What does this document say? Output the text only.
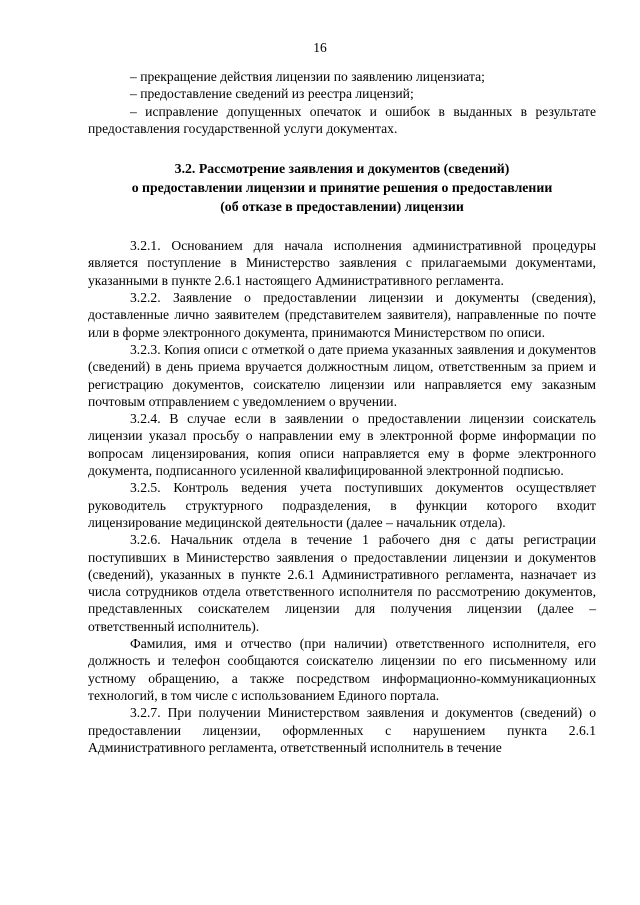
16

– прекращение действия лицензии по заявлению лицензиата;

– предоставление сведений из реестра лицензий;

– исправление допущенных опечаток и ошибок в выданных в результате предоставления государственной услуги документах.

3.2. Рассмотрение заявления и документов (сведений)
о предоставлении лицензии и принятие решения о предоставлении
(об отказе в предоставлении) лицензии

3.2.1. Основанием для начала исполнения административной процедуры является поступление в Министерство заявления с прилагаемыми документами, указанными в пункте 2.6.1 настоящего Административного регламента.

3.2.2. Заявление о предоставлении лицензии и документы (сведения), доставленные лично заявителем (представителем заявителя), направленные по почте или в форме электронного документа, принимаются Министерством по описи.

3.2.3. Копия описи с отметкой о дате приема указанных заявления и документов (сведений) в день приема вручается должностным лицом, ответственным за прием и регистрацию документов, соискателю лицензии или направляется ему заказным почтовым отправлением с уведомлением о вручении.

3.2.4. В случае если в заявлении о предоставлении лицензии соискатель лицензии указал просьбу о направлении ему в электронной форме информации по вопросам лицензирования, копия описи направляется ему в форме электронного документа, подписанного усиленной квалифицированной электронной подписью.

3.2.5. Контроль ведения учета поступивших документов осуществляет руководитель структурного подразделения, в функции которого входит лицензирование медицинской деятельности (далее – начальник отдела).

3.2.6. Начальник отдела в течение 1 рабочего дня с даты регистрации поступивших в Министерство заявления о предоставлении лицензии и документов (сведений), указанных в пункте 2.6.1 Административного регламента, назначает из числа сотрудников отдела ответственного исполнителя по рассмотрению документов, представленных соискателем лицензии для получения лицензии (далее – ответственный исполнитель).

Фамилия, имя и отчество (при наличии) ответственного исполнителя, его должность и телефон сообщаются соискателю лицензии по его письменному или устному обращению, а также посредством информационно-коммуникационных технологий, в том числе с использованием Единого портала.

3.2.7. При получении Министерством заявления и документов (сведений) о предоставлении лицензии, оформленных с нарушением пункта 2.6.1 Административного регламента, ответственный исполнитель в течение
